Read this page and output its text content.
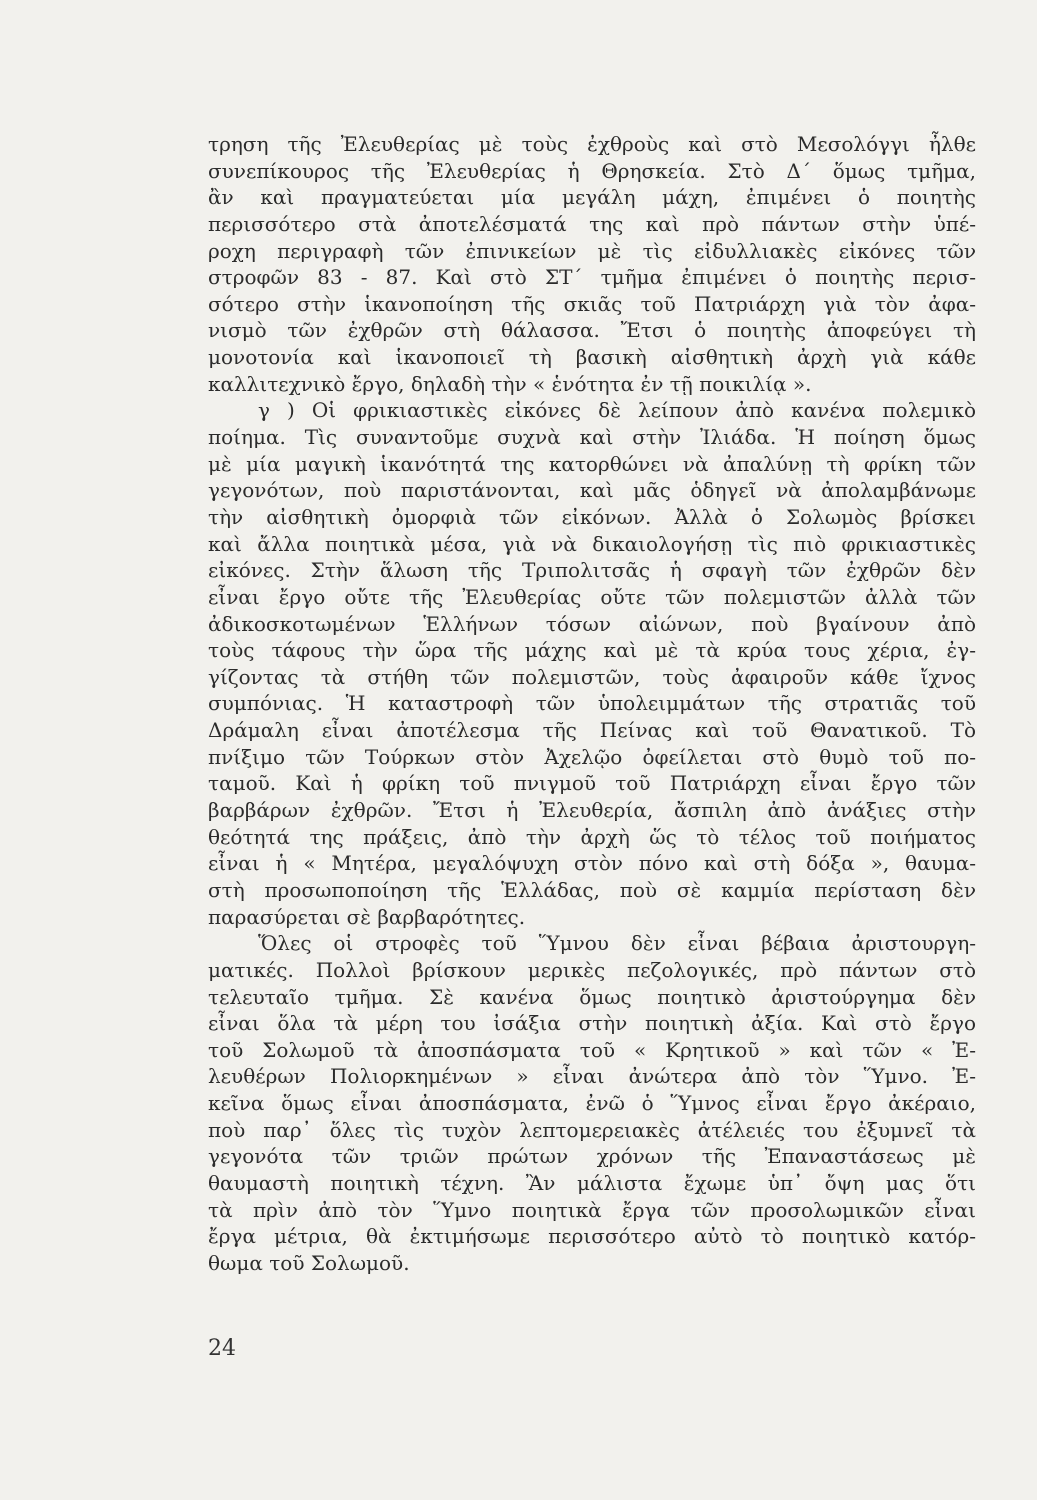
τρηση τῆς Ἐλευθερίας μὲ τοὺς ἐχθροὺς καὶ στὸ Μεσολόγγι ἦλθε
συνεπίκουρος τῆς Ἐλευθερίας ἡ Θρησκεία. Στὸ Δ΄ ὅμως τμῆμα,
ἂν καὶ πραγματεύεται μία μεγάλη μάχη, ἐπιμένει ὁ ποιητὴς
περισσότερο στὰ ἀποτελέσματά της καὶ πρὸ πάντων στὴν ὑπέ-
ροχη περιγραφὴ τῶν ἐπινικείων μὲ τὶς εἰδυλλιακὲς εἰκόνες τῶν
στροφῶν 83 - 87. Καὶ στὸ ΣΤ΄ τμῆμα ἐπιμένει ὁ ποιητὴς περισ-
σότερο στὴν ἱκανοποίηση τῆς σκιᾶς τοῦ Πατριάρχη γιὰ τὸν ἀφα-
νισμὸ τῶν ἐχθρῶν στὴ θάλασσα. Ἔτσι ὁ ποιητὴς ἀποφεύγει τὴ
μονοτονία καὶ ἱκανοποιεῖ τὴ βασικὴ αἰσθητικὴ ἀρχὴ γιὰ κάθε
καλλιτεχνικὸ ἔργο, δηλαδὴ τὴν « ἑνότητα ἐν τῇ ποικιλίᾳ ».
γ ) Οἱ φρικιαστικὲς εἰκόνες δὲ λείπουν ἀπὸ κανένα πολεμικὸ
ποίημα. Τὶς συναντοῦμε συχνὰ καὶ στὴν Ἰλιάδα. Ἡ ποίηση ὅμως
μὲ μία μαγικὴ ἱκανότητά της κατορθώνει νὰ ἀπαλύνῃ τὴ φρίκη τῶν
γεγονότων, ποὺ παριστάνονται, καὶ μᾶς ὁδηγεῖ νὰ ἀπολαμβάνωμε
τὴν αἰσθητικὴ ὀμορφιὰ τῶν εἰκόνων. Ἀλλὰ ὁ Σολωμὸς βρίσκει
καὶ ἄλλα ποιητικὰ μέσα, γιὰ νὰ δικαιολογήσῃ τὶς πιὸ φρικιαστικὲς
εἰκόνες. Στὴν ἅλωση τῆς Τριπολιτσᾶς ἡ σφαγὴ τῶν ἐχθρῶν δὲν
εἶναι ἔργο οὔτε τῆς Ἐλευθερίας οὔτε τῶν πολεμιστῶν ἀλλὰ τῶν
ἀδικοσκοτωμένων Ἑλλήνων τόσων αἰώνων, ποὺ βγαίνουν ἀπὸ
τοὺς τάφους τὴν ὥρα τῆς μάχης καὶ μὲ τὰ κρύα τους χέρια, ἐγ-
γίζοντας τὰ στήθη τῶν πολεμιστῶν, τοὺς ἀφαιροῦν κάθε ἴχνος
συμπόνιας. Ἡ καταστροφὴ τῶν ὑπολειμμάτων τῆς στρατιᾶς τοῦ
Δράμαλη εἶναι ἀποτέλεσμα τῆς Πείνας καὶ τοῦ Θανατικοῦ. Τὸ
πνίξιμο τῶν Τούρκων στὸν Ἀχελῷο ὀφείλεται στὸ θυμὸ τοῦ πο-
ταμοῦ. Καὶ ἡ φρίκη τοῦ πνιγμοῦ τοῦ Πατριάρχη εἶναι ἔργο τῶν
βαρβάρων ἐχθρῶν. Ἔτσι ἡ Ἐλευθερία, ἄσπιλη ἀπὸ ἀνάξιες στὴν
θεότητά της πράξεις, ἀπὸ τὴν ἀρχὴ ὥς τὸ τέλος τοῦ ποιήματος
εἶναι ἡ « Μητέρα, μεγαλόψυχη στὸν πόνο καὶ στὴ δόξα », θαυμα-
στὴ προσωποποίηση τῆς Ἑλλάδας, ποὺ σὲ καμμία περίσταση δὲν
παρασύρεται σὲ βαρβαρότητες.
Ὅλες οἱ στροφὲς τοῦ Ὕμνου δὲν εἶναι βέβαια ἀριστουργη-
ματικές. Πολλοὶ βρίσκουν μερικὲς πεζολογικές, πρὸ πάντων στὸ
τελευταῖο τμῆμα. Σὲ κανένα ὅμως ποιητικὸ ἀριστούργημα δὲν
εἶναι ὅλα τὰ μέρη του ἰσάξια στὴν ποιητικὴ ἀξία. Καὶ στὸ ἔργο
τοῦ Σολωμοῦ τὰ ἀποσπάσματα τοῦ « Κρητικοῦ » καὶ τῶν « Ἐ-
λευθέρων Πολιορκημένων » εἶναι ἀνώτερα ἀπὸ τὸν Ὕμνο. Ἐ-
κεῖνα ὅμως εἶναι ἀποσπάσματα, ἐνῶ ὁ Ὕμνος εἶναι ἔργο ἀκέραιο,
ποὺ παρ᾽ ὅλες τὶς τυχὸν λεπτομερειακὲς ἀτέλειές του ἐξυμνεῖ τὰ
γεγονότα τῶν τριῶν πρώτων χρόνων τῆς Ἐπαναστάσεως μὲ
θαυμαστὴ ποιητικὴ τέχνη. Ἂν μάλιστα ἔχωμε ὑπ᾽ ὄψη μας ὅτι
τὰ πρὶν ἀπὸ τὸν Ὕμνο ποιητικὰ ἔργα τῶν προσολωμικῶν εἶναι
ἔργα μέτρια, θὰ ἐκτιμήσωμε περισσότερο αὐτὸ τὸ ποιητικὸ κατόρ-
θωμα τοῦ Σολωμοῦ.
24
